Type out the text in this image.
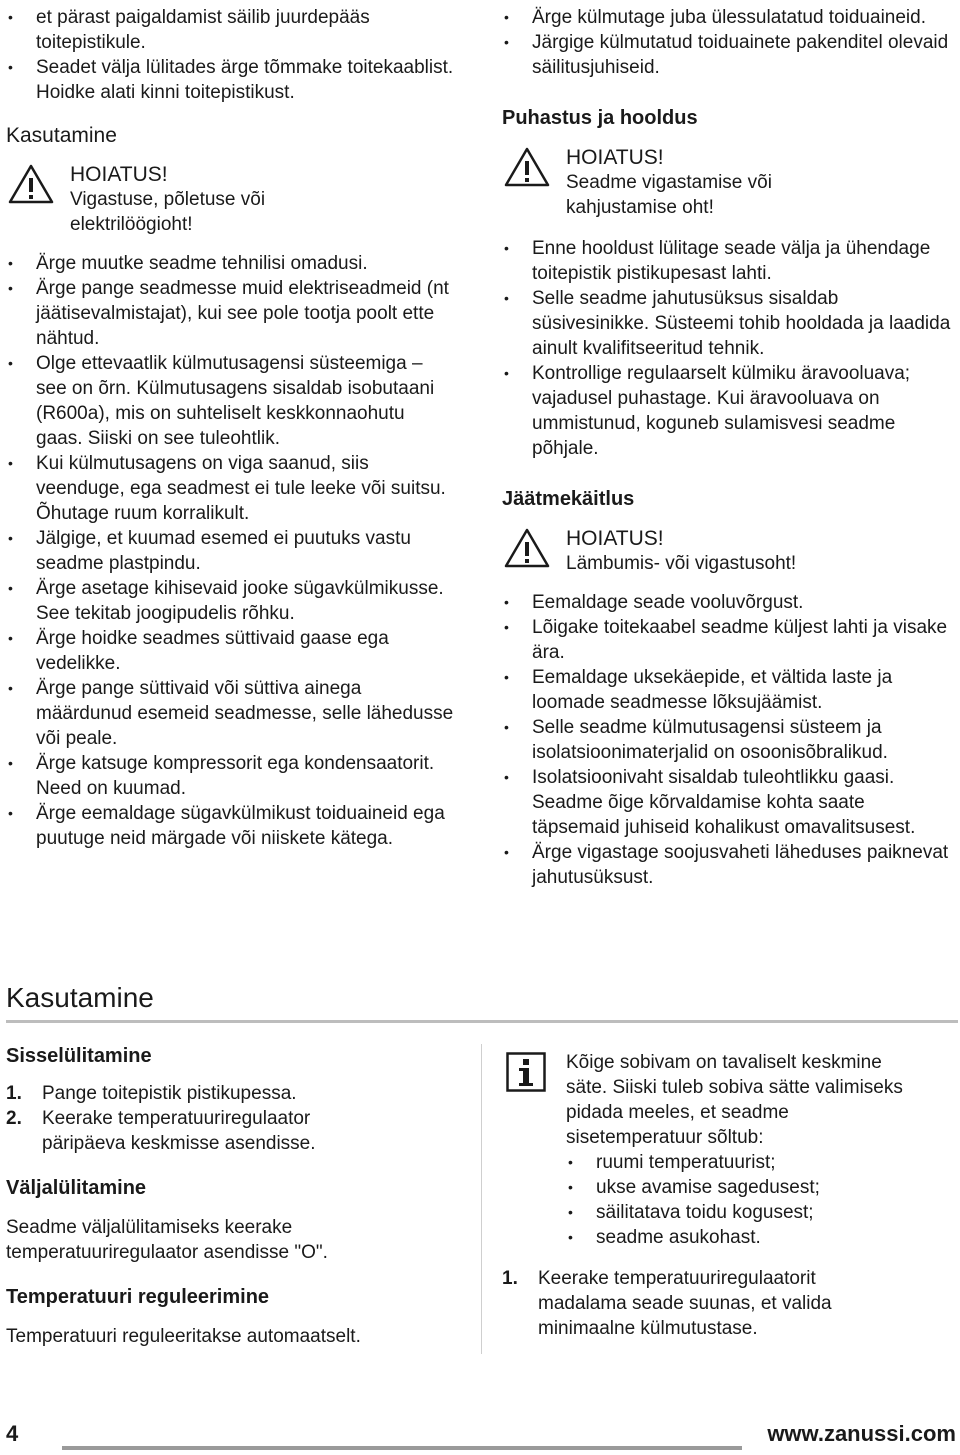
• et pärast paigaldamist säilib juurdepääs toitepistikule.
• Seadet välja lülitades ärge tõmmake toitekaablist. Hoidke alati kinni toitepistikust.
Kasutamine
HOIATUS!
Vigastuse, põletuse või elektrilöögioht!
• Ärge muutke seadme tehnilisi omadusi.
• Ärge pange seadmesse muid elektriseadmeid (nt jäätisevalmistajat), kui see pole tootja poolt ette nähtud.
• Olge ettevaatlik külmutusagensi süsteemiga – see on õrn. Külmutusagens sisaldab isobutaani (R600a), mis on suhteliselt keskkonnaohutu gaas. Siiski on see tuleohtlik.
• Kui külmutusagens on viga saanud, siis veenduge, ega seadmest ei tule leeke või suitsu. Õhutage ruum korralikult.
• Jälgige, et kuumad esemed ei puutuks vastu seadme plastpindu.
• Ärge asetage kihisevaid jooke sügavkülmikusse. See tekitab joogipudelis rõhku.
• Ärge hoidke seadmes süttivaid gaase ega vedelikke.
• Ärge pange süttivaid või süttiva ainega määrdunud esemeid seadmesse, selle lähedusse või peale.
• Ärge katsuge kompressorit ega kondensaatorit. Need on kuumad.
• Ärge eemaldage sügavkülmikust toiduaineid ega puutuge neid märgade või niiskete kätega.
• Ärge külmutage juba ülessulatatud toiduaineid.
• Järgige külmutatud toiduainete pakenditel olevaid säilitusjuhiseid.
Puhastus ja hooldus
HOIATUS!
Seadme vigastamise või kahjustamise oht!
• Enne hooldust lülitage seade välja ja ühendage toitepistik pistikupesast lahti.
• Selle seadme jahutusüksus sisaldab süsivesinikke. Süsteemi tohib hooldada ja laadida ainult kvalifitseeritud tehnik.
• Kontrollige regulaarselt külmiku äravooluava; vajadusel puhastage. Kui äravooluava on ummistunud, koguneb sulamisvesi seadme põhjale.
Jäätmekäitlus
HOIATUS!
Lämbumis- või vigastusoht!
• Eemaldage seade vooluvõrgust.
• Lõigake toitekaabel seadme küljest lahti ja visake ära.
• Eemaldage uksekäepide, et vältida laste ja loomade seadmesse lõksujäämist.
• Selle seadme külmutusagensi süsteem ja isolatsioonimaterjalid on osoonisõbralikud.
• Isolatsioonivaht sisaldab tuleohtlikku gaasi. Seadme õige kõrvaldamise kohta saate täpsemaid juhiseid kohalikust omavalitsusest.
• Ärge vigastage soojusvaheti läheduses paiknevat jahutusüksust.
Kasutamine
Sisselülitamine
1. Pange toitepistik pistikupessa.
2. Keerake temperatuuriregulaator päripäeva keskmisse asendisse.
Väljalülitamine

Seadme väljalülitamiseks keerake temperatuuriregulaator asendisse "O".

Temperatuuri reguleerimine

Temperatuuri reguleeritakse automaatselt.

Kõige sobivam on tavaliselt keskmine säte. Siiski tuleb sobiva sätte valimiseks pidada meeles, et seadme sisetemperatuur sõltub:

• ruumi temperatuurist;
• ukse avamise sagedusest;
• säilitatava toidu kogusest;
• seadme asukohast.
1. Keerake temperatuuriregulaatorit madalama seade suunas, et valida minimaalne külmutustase.
4	www.zanussi.com
